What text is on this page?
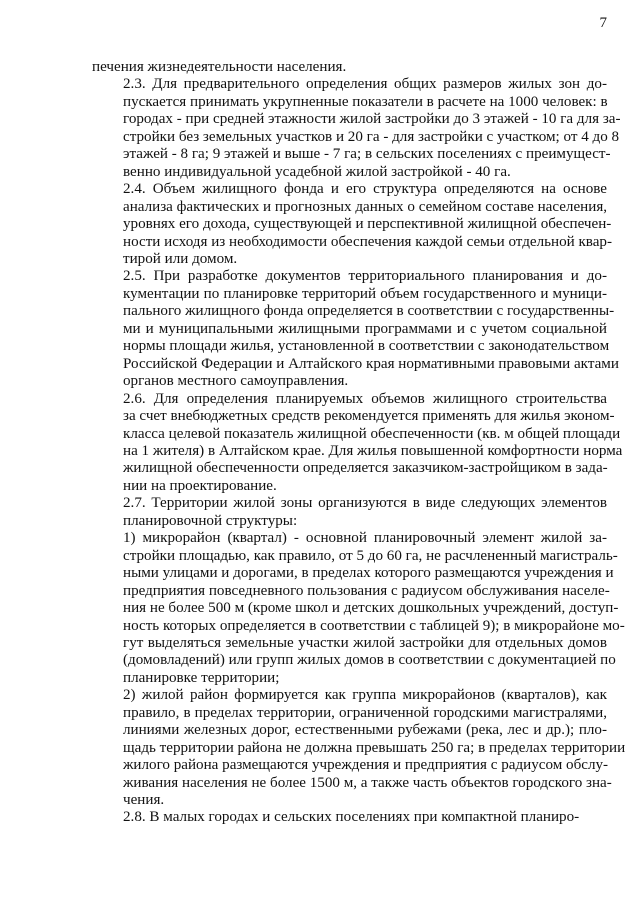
7
печения жизнедеятельности населения.
2.3. Для предварительного определения общих размеров жилых зон до-
пускается принимать укрупненные показатели в расчете на 1000 человек: в
городах - при средней этажности жилой застройки до 3 этажей - 10 га для за-
стройки без земельных участков и 20 га - для застройки с участком; от 4 до 8
этажей - 8 га; 9 этажей и выше - 7 га; в сельских поселениях с преимущест-
венно индивидуальной усадебной жилой застройкой - 40 га.
2.4. Объем жилищного фонда и его структура определяются на основе
анализа фактических и прогнозных данных о семейном составе населения,
уровнях его дохода, существующей и перспективной жилищной обеспечен-
ности исходя из необходимости обеспечения каждой семьи отдельной квар-
тирой или домом.
2.5. При разработке документов территориального планирования и до-
кументации по планировке территорий объем государственного и муници-
пального жилищного фонда определяется в соответствии с государственны-
ми и муниципальными жилищными программами и с учетом социальной
нормы площади жилья, установленной в соответствии с законодательством
Российской Федерации и Алтайского края нормативными правовыми актами
органов местного самоуправления.
2.6. Для определения планируемых объемов жилищного строительства
за счет внебюджетных средств рекомендуется применять для жилья эконом-
класса целевой показатель жилищной обеспеченности (кв. м общей площади
на 1 жителя) в Алтайском крае. Для жилья повышенной комфортности норма
жилищной обеспеченности определяется заказчиком-застройщиком в зада-
нии на проектирование.
2.7. Территории жилой зоны организуются в виде следующих элементов
планировочной структуры:
1) микрорайон (квартал) - основной планировочный элемент жилой за-
стройки площадью, как правило, от 5 до 60 га, не расчлененный магистраль-
ными улицами и дорогами, в пределах которого размещаются учреждения и
предприятия повседневного пользования с радиусом обслуживания населе-
ния не более 500 м (кроме школ и детских дошкольных учреждений, доступ-
ность которых определяется в соответствии с таблицей 9); в микрорайоне мо-
гут выделяться земельные участки жилой застройки для отдельных домов
(домовладений) или групп жилых домов в соответствии с документацией по
планировке территории;
2) жилой район формируется как группа микрорайонов (кварталов), как
правило, в пределах территории, ограниченной городскими магистралями,
линиями железных дорог, естественными рубежами (река, лес и др.); пло-
щадь территории района не должна превышать 250 га; в пределах территории
жилого района размещаются учреждения и предприятия с радиусом обслу-
живания населения не более 1500 м, а также часть объектов городского зна-
чения.
2.8. В малых городах и сельских поселениях при компактной планиро-
